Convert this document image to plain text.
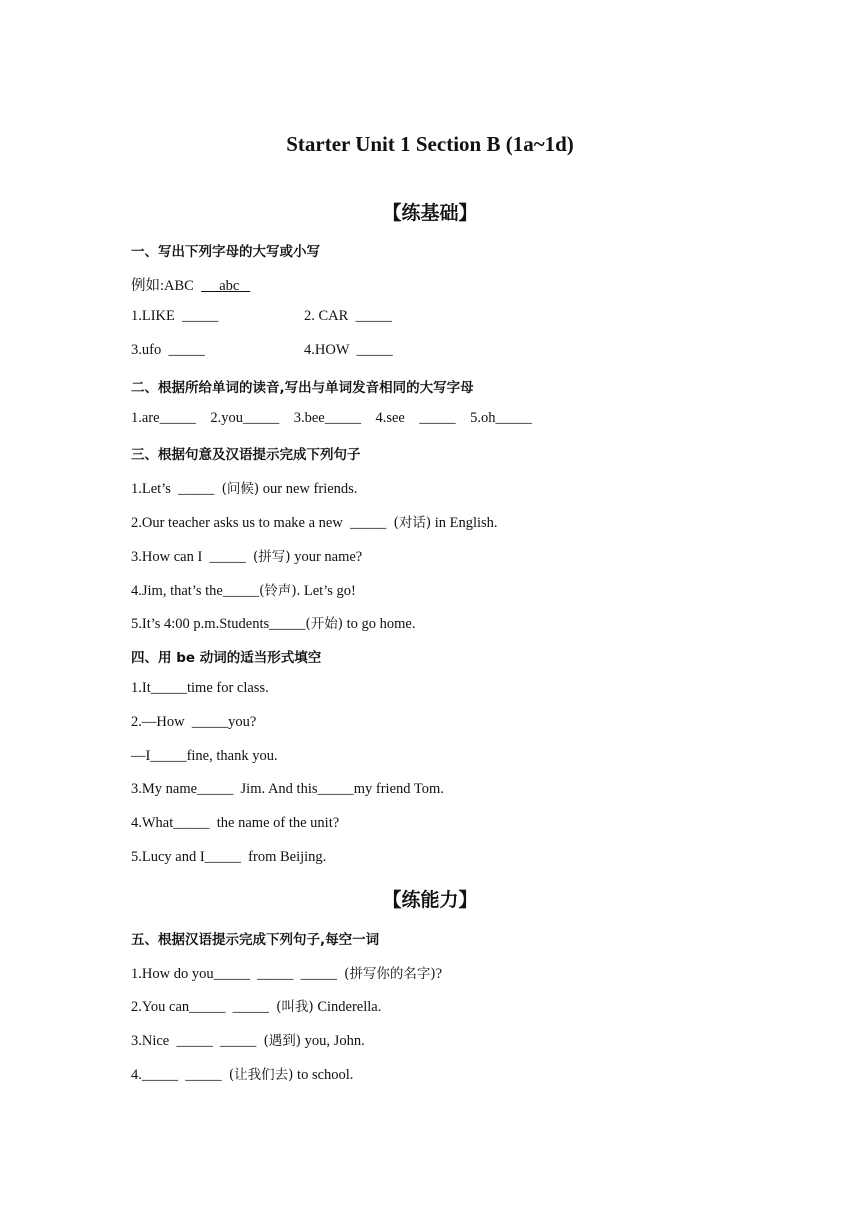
Starter Unit 1 Section B (1a~1d)
【练基础】
一、写出下列字母的大写或小写
例如:ABC       abc
1.LIKE  _____	2. CAR  _____
3.ufo  _____	4.HOW  _____
二、根据所给单词的读音,写出与单词发音相同的大写字母
1.are_____    2.you_____    3.bee_____    4.see    _____    5.oh_____
三、根据句意及汉语提示完成下列句子
1.Let’s  _____  (问候) our new friends.
2.Our teacher asks us to make a new  _____  (对话) in English.
3.How can I  _____  (拼写) your name?
4.Jim, that’s the_____(铃声). Let’s go!
5.It’s 4:00 p.m.Students_____(开始) to go home.
四、用 be 动词的适当形式填空
1.It_____time for class.
2.—How  _____you?
—I_____fine, thank you.
3.My name_____  Jim. And this_____my friend Tom.
4.What_____  the name of the unit?
5.Lucy and I_____  from Beijing.
【练能力】
五、根据汉语提示完成下列句子,每空一词
1.How do you_____  _____  _____  (拼写你的名字)?
2.You can_____  _____  (叫我) Cinderella.
3.Nice  _____  _____  (遇到) you, John.
4._____  _____  (让我们去) to school.
